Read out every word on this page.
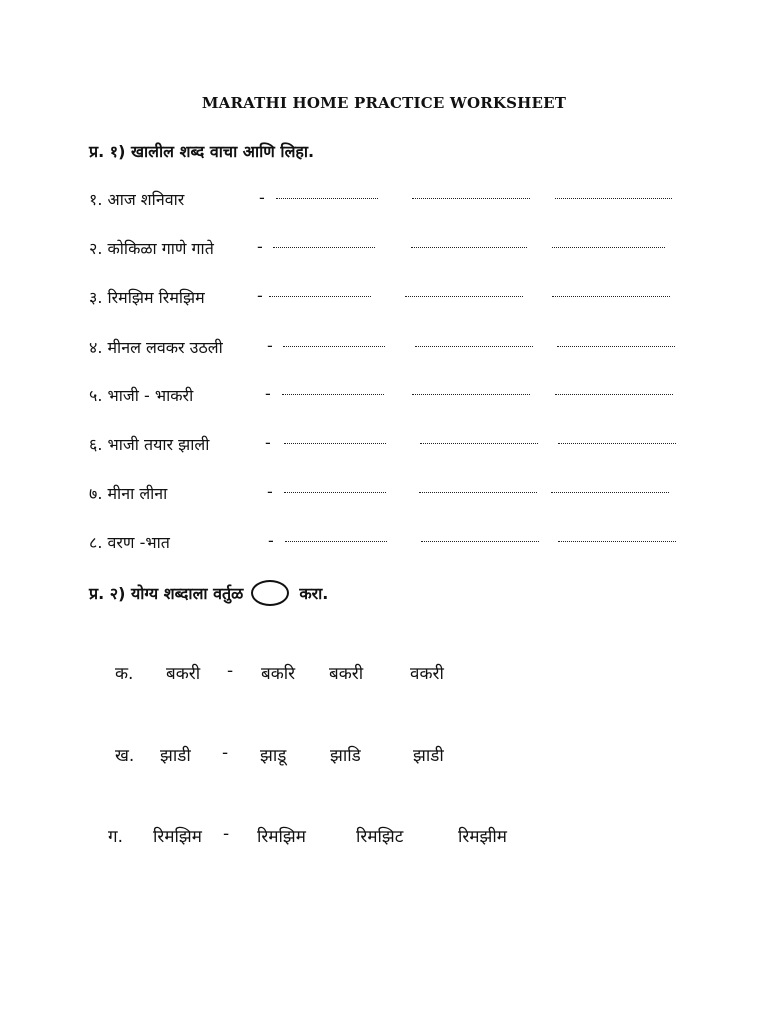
MARATHI HOME PRACTICE WORKSHEET
प्र. १) खालील शब्द वाचा आणि लिहा.
१. आज शनिवार	-
२. कोकिळा गाणे गाते	-
३. रिमझिम रिमझिम	-
४. मीनल लवकर उठली	-
५. भाजी - भाकरी	-
६. भाजी तयार झाली	-
७. मीना लीना	-
८. वरण -भात	-
प्र. २) योग्य शब्दाला वर्तुळ	करा.
क. बकरी - बकरि बकरी	वकरी
ख. झाडी - झाडू	झाडि	झाडी
ग. रिमझिम - रिमझिम	रिमझिट	रिमझीम
